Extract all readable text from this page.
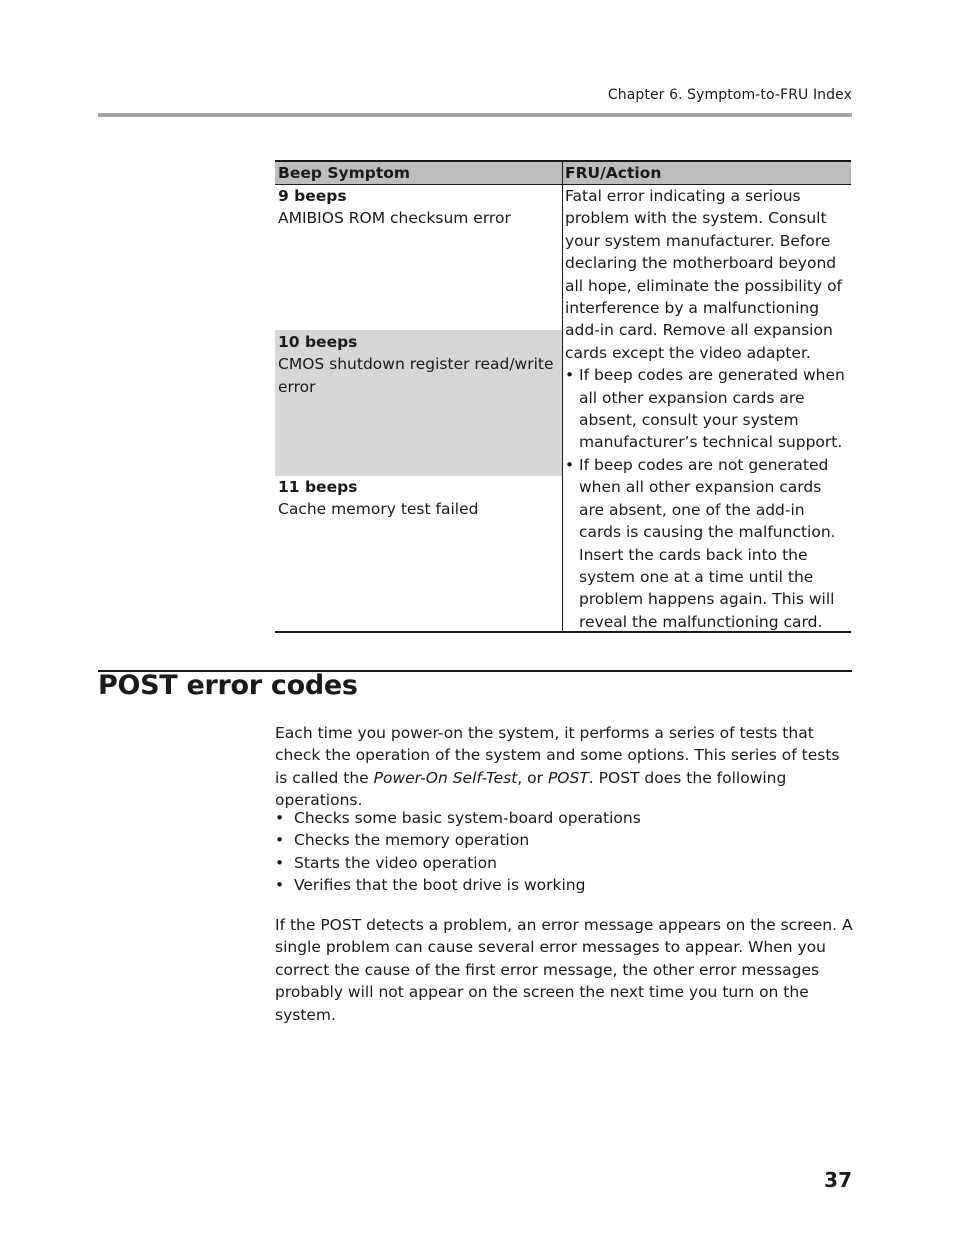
Chapter 6. Symptom-to-FRU Index
Beep Symptom	FRU/Action
9 beeps
AMIBIOS ROM checksum error
10 beeps
CMOS shutdown register read/write error
11 beeps
Cache memory test failed
Fatal error indicating a serious problem with the system. Consult your system manufacturer. Before declaring the motherboard beyond all hope, eliminate the possibility of interference by a malfunctioning add-in card. Remove all expansion cards except the video adapter.
• If beep codes are generated when all other expansion cards are absent, consult your system manufacturer’s technical support.
• If beep codes are not generated when all other expansion cards are absent, one of the add-in cards is causing the malfunction. Insert the cards back into the system one at a time until the problem happens again. This will reveal the malfunctioning card.
POST error codes

Each time you power-on the system, it performs a series of tests that check the operation of the system and some options. This series of tests is called the Power-On Self-Test, or POST. POST does the following operations.

• Checks some basic system-board operations
• Checks the memory operation
• Starts the video operation
• Verifies that the boot drive is working

If the POST detects a problem, an error message appears on the screen. A single problem can cause several error messages to appear. When you correct the cause of the first error message, the other error messages probably will not appear on the screen the next time you turn on the system.

37
